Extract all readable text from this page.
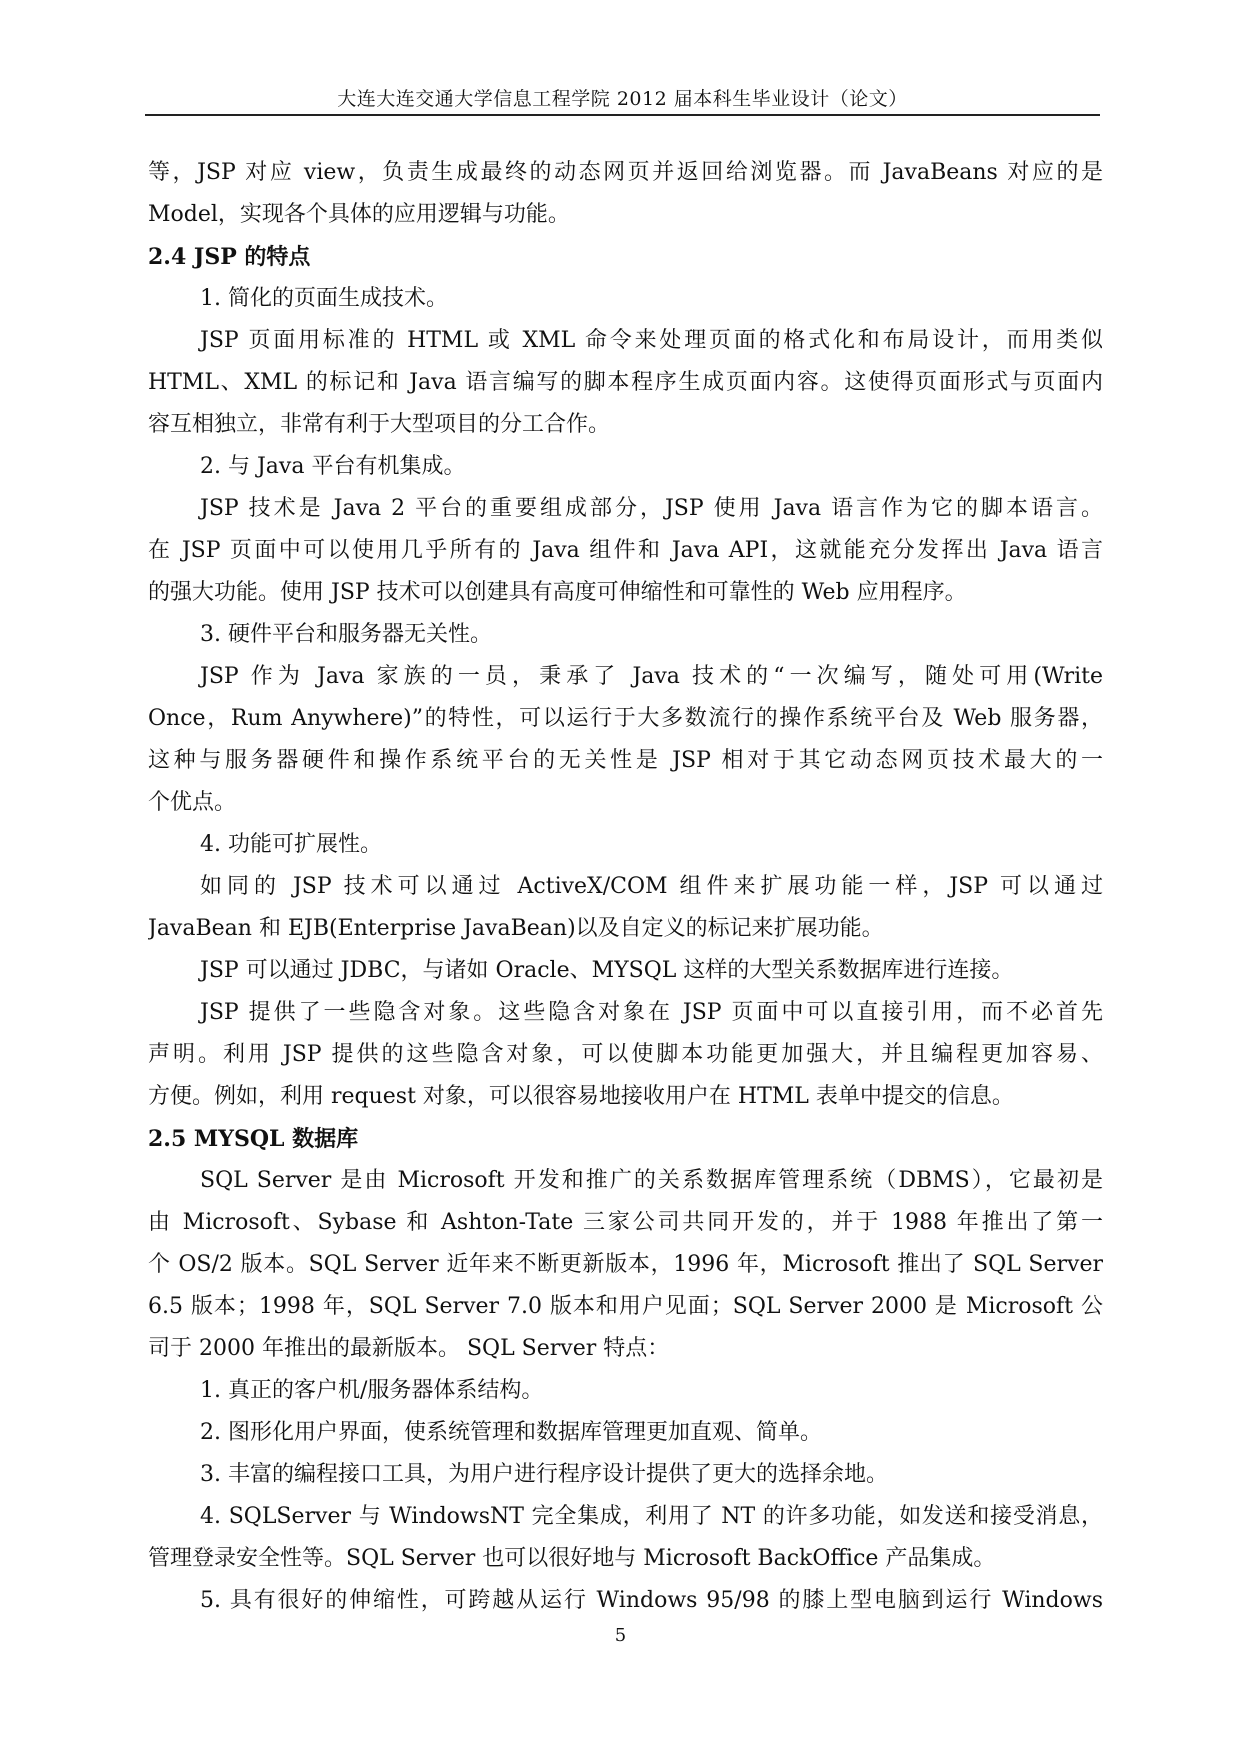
大连大连交通大学信息工程学院 2012 届本科生毕业设计（论文）
等，JSP 对应 view，负责生成最终的动态网页并返回给浏览器。而 JavaBeans 对应的是
Model，实现各个具体的应用逻辑与功能。
2.4 JSP 的特点
1. 简化的页面生成技术。
JSP 页面用标准的 HTML 或 XML 命令来处理页面的格式化和布局设计，而用类似
HTML、XML 的标记和 Java 语言编写的脚本程序生成页面内容。这使得页面形式与页面内
容互相独立，非常有利于大型项目的分工合作。
2. 与 Java 平台有机集成。
JSP 技术是 Java 2 平台的重要组成部分，JSP 使用 Java 语言作为它的脚本语言。
在 JSP 页面中可以使用几乎所有的 Java 组件和 Java API，这就能充分发挥出 Java 语言
的强大功能。使用 JSP 技术可以创建具有高度可伸缩性和可靠性的 Web 应用程序。
3. 硬件平台和服务器无关性。
JSP 作为 Java 家族的一员，秉承了 Java 技术的“一次编写，随处可用(Write
Once，Rum Anywhere)”的特性，可以运行于大多数流行的操作系统平台及 Web 服务器，
这种与服务器硬件和操作系统平台的无关性是 JSP 相对于其它动态网页技术最大的一
个优点。
4. 功能可扩展性。
如同的 JSP 技术可以通过 ActiveX/COM 组件来扩展功能一样，JSP 可以通过
JavaBean 和 EJB(Enterprise JavaBean)以及自定义的标记来扩展功能。
JSP 可以通过 JDBC，与诸如 Oracle、MYSQL 这样的大型关系数据库进行连接。
JSP 提供了一些隐含对象。这些隐含对象在 JSP 页面中可以直接引用，而不必首先
声明。利用 JSP 提供的这些隐含对象，可以使脚本功能更加强大，并且编程更加容易、
方便。例如，利用 request 对象，可以很容易地接收用户在 HTML 表单中提交的信息。
2.5 MYSQL 数据库
SQL Server 是由 Microsoft 开发和推广的关系数据库管理系统（DBMS），它最初是
由 Microsoft、Sybase 和 Ashton-Tate 三家公司共同开发的，并于 1988 年推出了第一
个 OS/2 版本。SQL Server 近年来不断更新版本，1996 年，Microsoft 推出了 SQL Server
6.5 版本；1998 年，SQL Server 7.0 版本和用户见面；SQL Server 2000 是 Microsoft 公
司于 2000 年推出的最新版本。 SQL Server 特点：
1. 真正的客户机/服务器体系结构。
2. 图形化用户界面，使系统管理和数据库管理更加直观、简单。
3. 丰富的编程接口工具，为用户进行程序设计提供了更大的选择余地。
4. SQLServer 与 WindowsNT 完全集成，利用了 NT 的许多功能，如发送和接受消息，
管理登录安全性等。SQL Server 也可以很好地与 Microsoft BackOffice 产品集成。
5. 具有很好的伸缩性，可跨越从运行 Windows 95/98 的膝上型电脑到运行 Windows
5
